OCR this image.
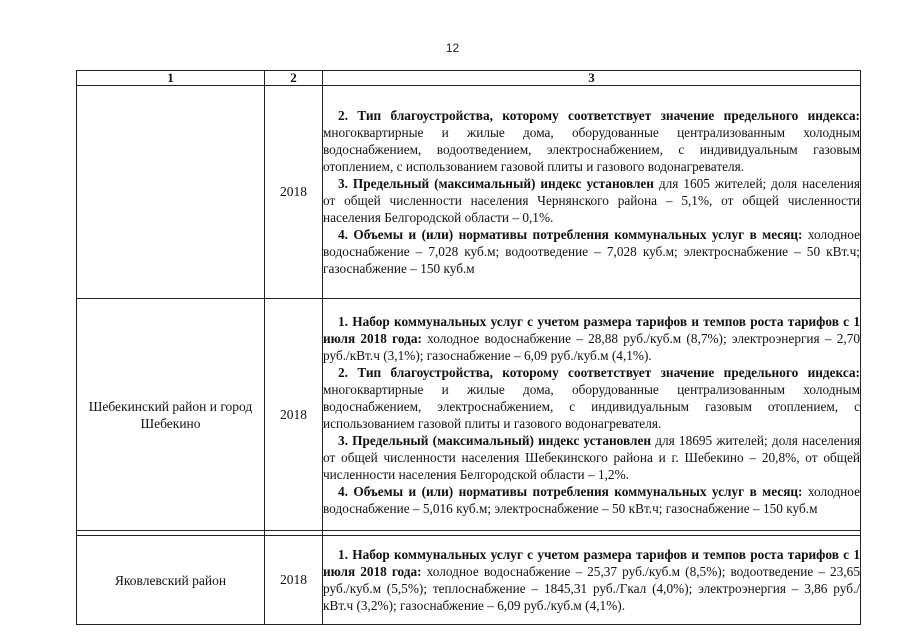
12
1	2	3
	2018	2. Тип благоустройства, которому соответствует значение предельного индекса: многоквартирные и жилые дома, оборудованные централизованным холодным водоснабжением, водоотведением, электроснабжением, с индивидуальным газовым отоплением, с использованием газовой плиты и газового водонагревателя.

3. Предельный (максимальный) индекс установлен для 1605 жителей; доля населения от общей численности населения Чернянского района – 5,1%, от общей численности населения Белгородской области – 0,1%.

4. Объемы и (или) нормативы потребления коммунальных услуг в месяц: холодное водоснабжение – 7,028 куб.м; водоотведение – 7,028 куб.м; электроснабжение – 50 кВт.ч; газоснабжение – 150 куб.м

Шебекинский район и город Шебекино	2018	1. Набор коммунальных услуг с учетом размера тарифов и темпов роста тарифов с 1 июля 2018 года: холодное водоснабжение – 28,88 руб./куб.м (8,7%); электроэнергия – 2,70 руб./кВт.ч (3,1%); газоснабжение – 6,09 руб./куб.м (4,1%).

2. Тип благоустройства, которому соответствует значение предельного индекса: многоквартирные и жилые дома, оборудованные централизованным холодным водоснабжением, электроснабжением, с индивидуальным газовым отоплением, с использованием газовой плиты и газового водонагревателя.

3. Предельный (максимальный) индекс установлен для 18695 жителей; доля населения от общей численности населения Шебекинского района и г. Шебекино – 20,8%, от общей численности населения Белгородской области – 1,2%.

4. Объемы и (или) нормативы потребления коммунальных услуг в месяц: холодное водоснабжение – 5,016 куб.м; электроснабжение – 50 кВт.ч; газоснабжение – 150 куб.м

Яковлевский район	2018	1. Набор коммунальных услуг с учетом размера тарифов и темпов роста тарифов с 1 июля 2018 года: холодное водоснабжение – 25,37 руб./куб.м (8,5%); водоотведение – 23,65 руб./куб.м (5,5%); теплоснабжение – 1845,31 руб./Гкал (4,0%); электроэнергия – 3,86 руб./кВт.ч (3,2%); газоснабжение – 6,09 руб./куб.м (4,1%).
